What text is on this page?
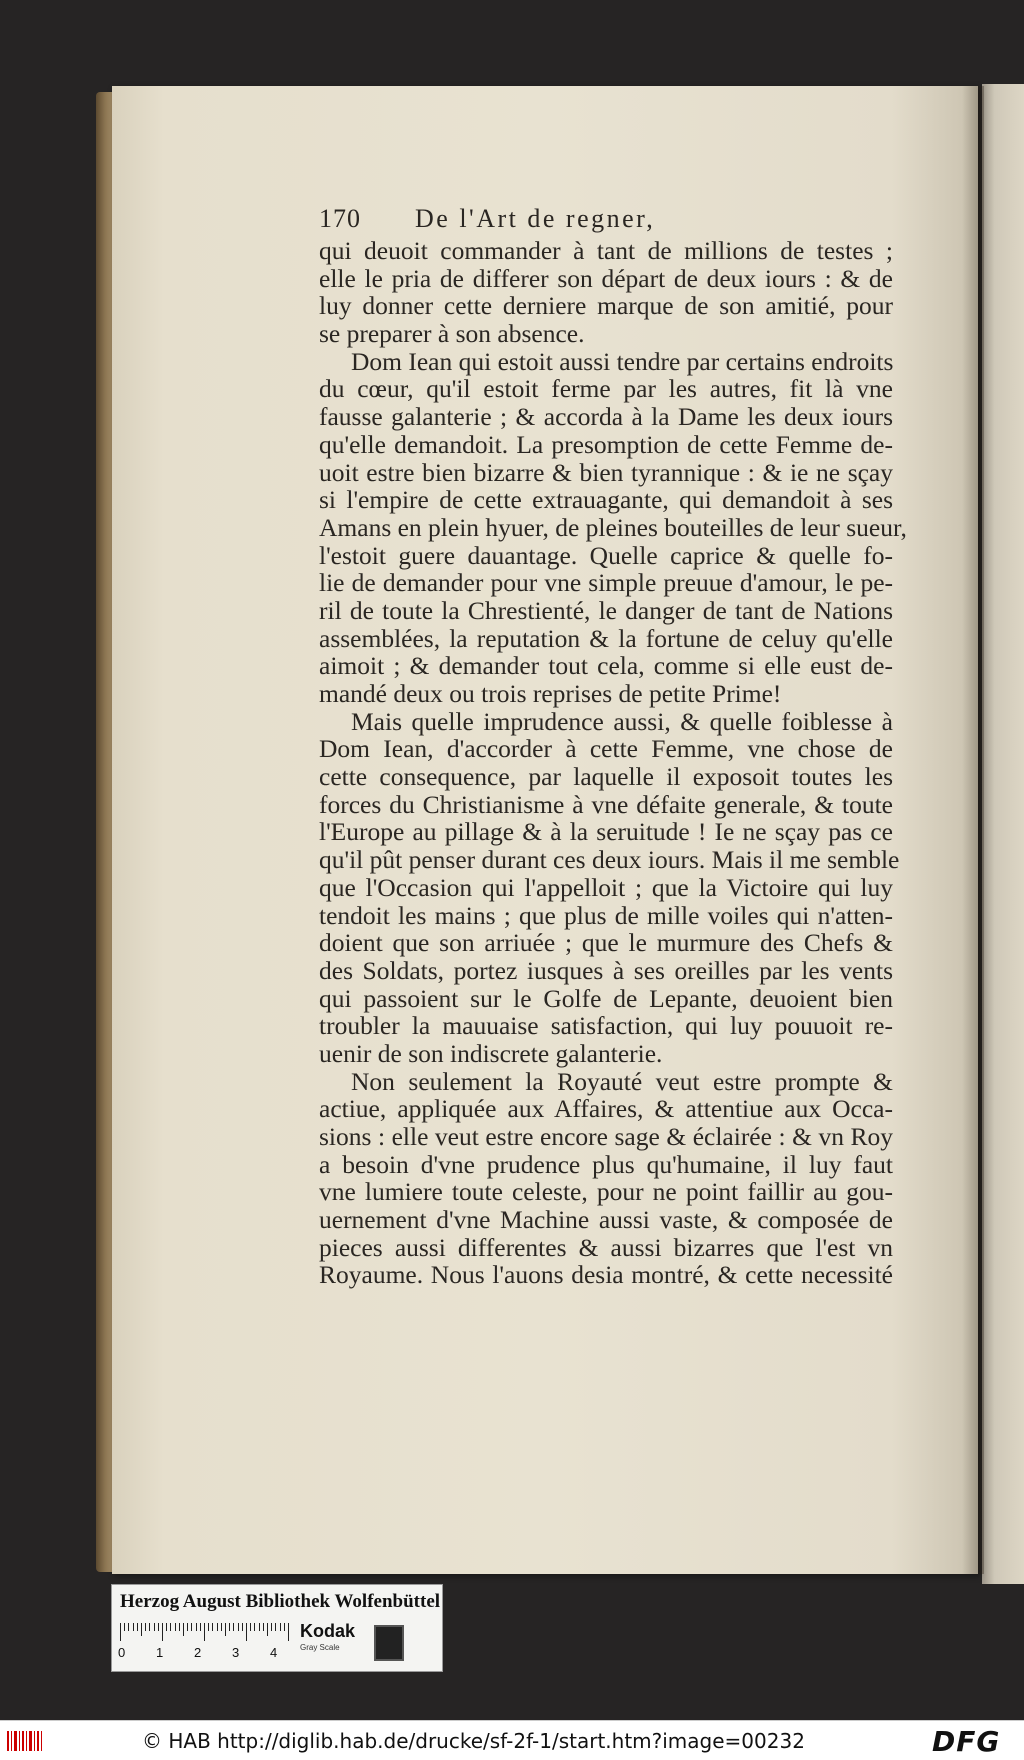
170	De l'Art de regner,
qui deuoit commander à tant de millions de testes ;
elle le pria de differer son départ de deux iours : & de
luy donner cette derniere marque de son amitié, pour
se preparer à son absence.
Dom Iean qui estoit aussi tendre par certains endroits
du cœur, qu'il estoit ferme par les autres, fit là vne
fausse galanterie ; & accorda à la Dame les deux iours
qu'elle demandoit. La presomption de cette Femme de-
uoit estre bien bizarre & bien tyrannique : & ie ne sçay
si l'empire de cette extrauagante, qui demandoit à ses
Amans en plein hyuer, de pleines bouteilles de leur sueur,
l'estoit guere dauantage. Quelle caprice & quelle fo-
lie de demander pour vne simple preuue d'amour, le pe-
ril de toute la Chrestienté, le danger de tant de Nations
assemblées, la reputation & la fortune de celuy qu'elle
aimoit ; & demander tout cela, comme si elle eust de-
mandé deux ou trois reprises de petite Prime!
Mais quelle imprudence aussi, & quelle foiblesse à
Dom Iean, d'accorder à cette Femme, vne chose de
cette consequence, par laquelle il exposoit toutes les
forces du Christianisme à vne défaite generale, & toute
l'Europe au pillage & à la seruitude ! Ie ne sçay pas ce
qu'il pût penser durant ces deux iours. Mais il me semble
que l'Occasion qui l'appelloit ; que la Victoire qui luy
tendoit les mains ; que plus de mille voiles qui n'atten-
doient que son arriuée ; que le murmure des Chefs &
des Soldats, portez iusques à ses oreilles par les vents
qui passoient sur le Golfe de Lepante, deuoient bien
troubler la mauuaise satisfaction, qui luy pouuoit re-
uenir de son indiscrete galanterie.
Non seulement la Royauté veut estre prompte &
actiue, appliquée aux Affaires, & attentiue aux Occa-
sions : elle veut estre encore sage & éclairée : & vn Roy
a besoin d'vne prudence plus qu'humaine, il luy faut
vne lumiere toute celeste, pour ne point faillir au gou-
uernement d'vne Machine aussi vaste, & composée de
pieces aussi differentes & aussi bizarres que l'est vn
Royaume. Nous l'auons desia montré, & cette necessité
Herzog August Bibliothek Wolfenbüttel
0 1 2 3 4
Kodak
Gray Scale
© HAB http://diglib.hab.de/drucke/sf-2f-1/start.htm?image=00232	DFG
